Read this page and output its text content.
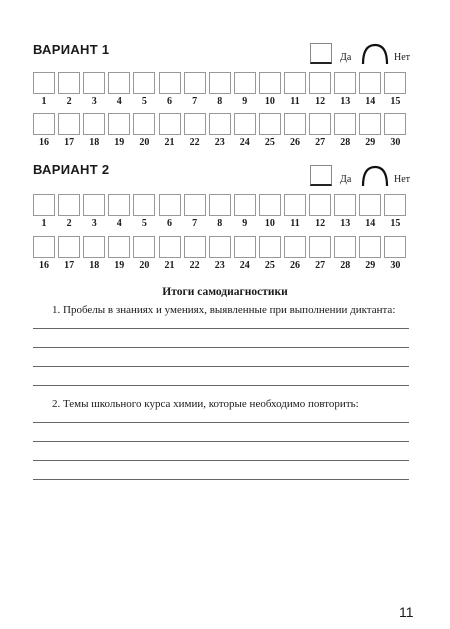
ВАРИАНТ 1
Да	Нет
1	2	3	4	5	6	7	8	9	10	11	12	13	14	15
16	17	18	19	20	21	22	23	24	25	26	27	28	29	30
ВАРИАНТ 2
Да	Нет
1	2	3	4	5	6	7	8	9	10	11	12	13	14	15
16	17	18	19	20	21	22	23	24	25	26	27	28	29	30
Итоги самодиагностики
1. Пробелы в знаниях и умениях, выявленные при выполнении диктанта:
2. Темы школьного курса химии, которые необходимо повторить:
11
